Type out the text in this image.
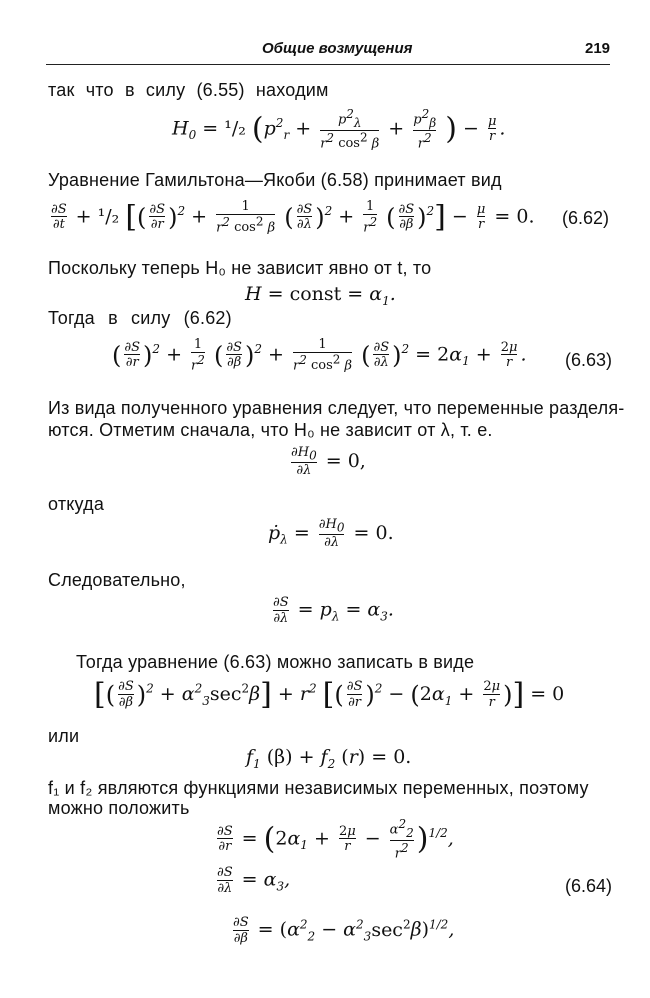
Общие возмущения	219
так что в силу (6.55) находим
$H_0 = ^1/_2$ ($p^2_r + \frac{p^2_\lambda}{r^2 \cos^2 \beta} + \frac{p^2_\beta}{r^2}$ ) − $\frac{\mu}{r}$ .
Уравнение Гамильтона—Якоби (6.58) принимает вид
$\frac{\partial S}{\partial t} + ^1/_2$ [( $\frac{\partial S}{\partial r} )^2 + \frac{1}{r^2 \cos^2 \beta}$ ( $\frac{\partial S}{\partial\lambda} )^2 + \frac{1}{r^2}$ ( $\frac{\partial S}{\partial\beta} )^2] - \frac{\mu}{r} = 0$. (6.62)
Поскольку теперь H₀ не зависит явно от t, то
H = const = $\alpha_1$.
Тогда в силу (6.62)
( $\frac{\partial S}{\partial r} )^2 + \frac{1}{r^2}$ ( $\frac{\partial S}{\partial\beta} )^2 + \frac{1}{r^2 \cos^2 \beta}$ ( $\frac{\partial S}{\partial\lambda} )^2 = 2\alpha_1 + \frac{2\mu}{r}$ . (6.63)
Из вида полученного уравнения следует, что переменные разделя-
ются. Отметим сначала, что H₀ не зависит от λ, т. е.
$\frac{\partial H_0}{\partial\lambda} = 0$,
откуда
ṗ$_\lambda$ = $\frac{\partial H_0}{\partial\lambda} = 0$.
Следовательно,
$\frac{\partial S}{\partial\lambda} = p_\lambda = \alpha_3$.
Тогда уравнение (6.63) можно записать в виде
[( $\frac{\partial S}{\partial\beta} )^2 + \alpha^2_3\sec^2\beta] + r^2$ [( $\frac{\partial S}{\partial r} )^2 - (2\alpha_1 + \frac{2\mu}{r}$ )] = 0
или
$f_1$ $(\beta) + f_2$ (r) = 0.
f₁ и f₂ являются функциями независимых переменных, поэтому
можно положить
$\frac{\partial S}{\partial r} = (2\alpha_1 + \frac{2\mu}{r} - \frac{\alpha^2_2}{r^2} )^{1/2}$,
$\frac{\partial S}{\partial\lambda} = \alpha_3$,	(6.64)
$\frac{\partial S}{\partial\beta} = (\alpha^2_2 - \alpha^2_3\sec^2\beta)^{1/2}$,
